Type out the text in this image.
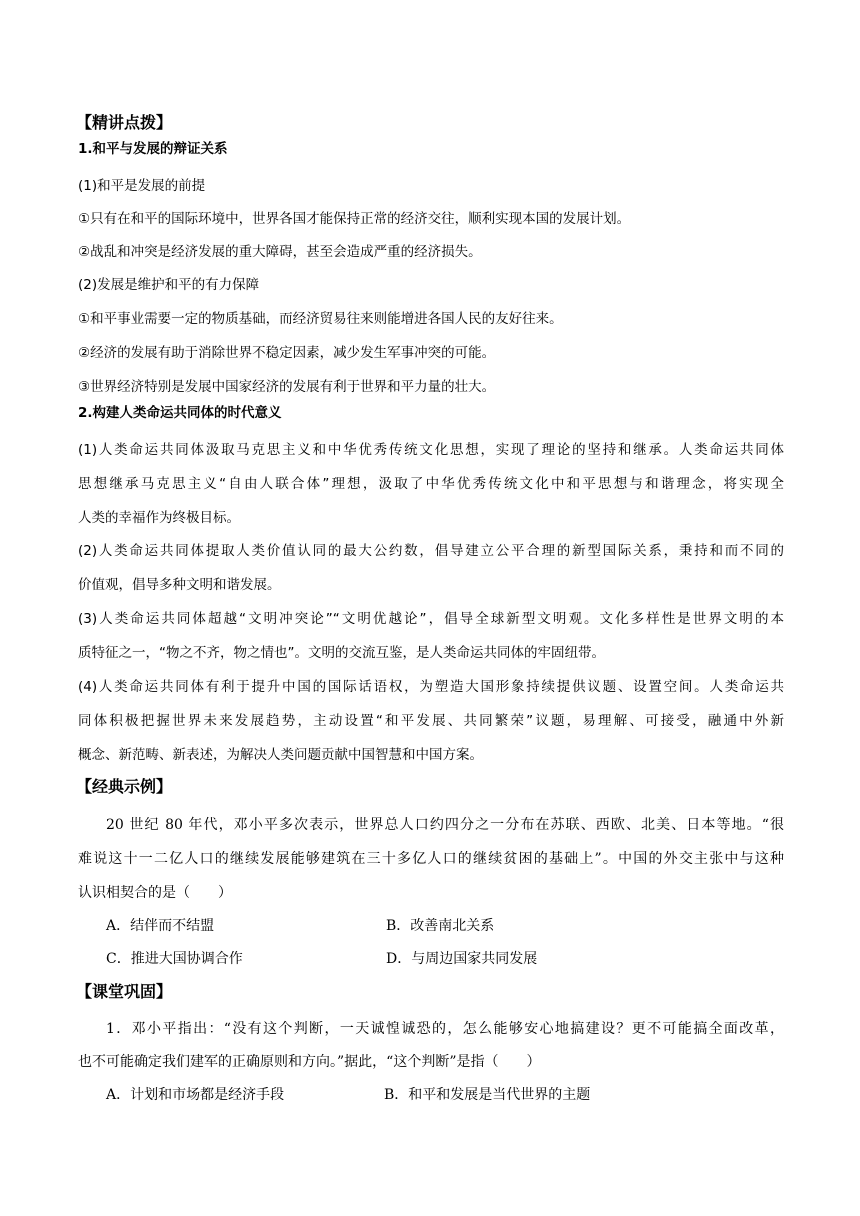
【精讲点拨】
1.和平与发展的辩证关系
(1)和平是发展的前提
①只有在和平的国际环境中，世界各国才能保持正常的经济交往，顺利实现本国的发展计划。
②战乱和冲突是经济发展的重大障碍，甚至会造成严重的经济损失。
(2)发展是维护和平的有力保障
①和平事业需要一定的物质基础，而经济贸易往来则能增进各国人民的友好往来。
②经济的发展有助于消除世界不稳定因素，减少发生军事冲突的可能。
③世界经济特别是发展中国家经济的发展有利于世界和平力量的壮大。
2.构建人类命运共同体的时代意义
(1)人类命运共同体汲取马克思主义和中华优秀传统文化思想，实现了理论的坚持和继承。人类命运共同体
思想继承马克思主义“自由人联合体”理想，汲取了中华优秀传统文化中和平思想与和谐理念，将实现全
人类的幸福作为终极目标。
(2)人类命运共同体提取人类价值认同的最大公约数，倡导建立公平合理的新型国际关系，秉持和而不同的
价值观，倡导多种文明和谐发展。
(3)人类命运共同体超越“文明冲突论”“文明优越论”，倡导全球新型文明观。文化多样性是世界文明的本
质特征之一，“物之不齐，物之情也”。文明的交流互鉴，是人类命运共同体的牢固纽带。
(4)人类命运共同体有利于提升中国的国际话语权，为塑造大国形象持续提供议题、设置空间。人类命运共
同体积极把握世界未来发展趋势，主动设置“和平发展、共同繁荣”议题，易理解、可接受，融通中外新
概念、新范畴、新表述，为解决人类问题贡献中国智慧和中国方案。
【经典示例】
20 世纪 80 年代，邓小平多次表示，世界总人口约四分之一分布在苏联、西欧、北美、日本等地。“很
难说这十一二亿人口的继续发展能够建筑在三十多亿人口的继续贫困的基础上”。中国的外交主张中与这种
认识相契合的是（　　）
A．结伴而不结盟	B．改善南北关系
C．推进大国协调合作	D．与周边国家共同发展
【课堂巩固】
1．邓小平指出：“没有这个判断，一天诚惶诚恐的，怎么能够安心地搞建设？更不可能搞全面改革，
也不可能确定我们建军的正确原则和方向。”据此，“这个判断”是指（　　）
A．计划和市场都是经济手段	B．和平和发展是当代世界的主题
